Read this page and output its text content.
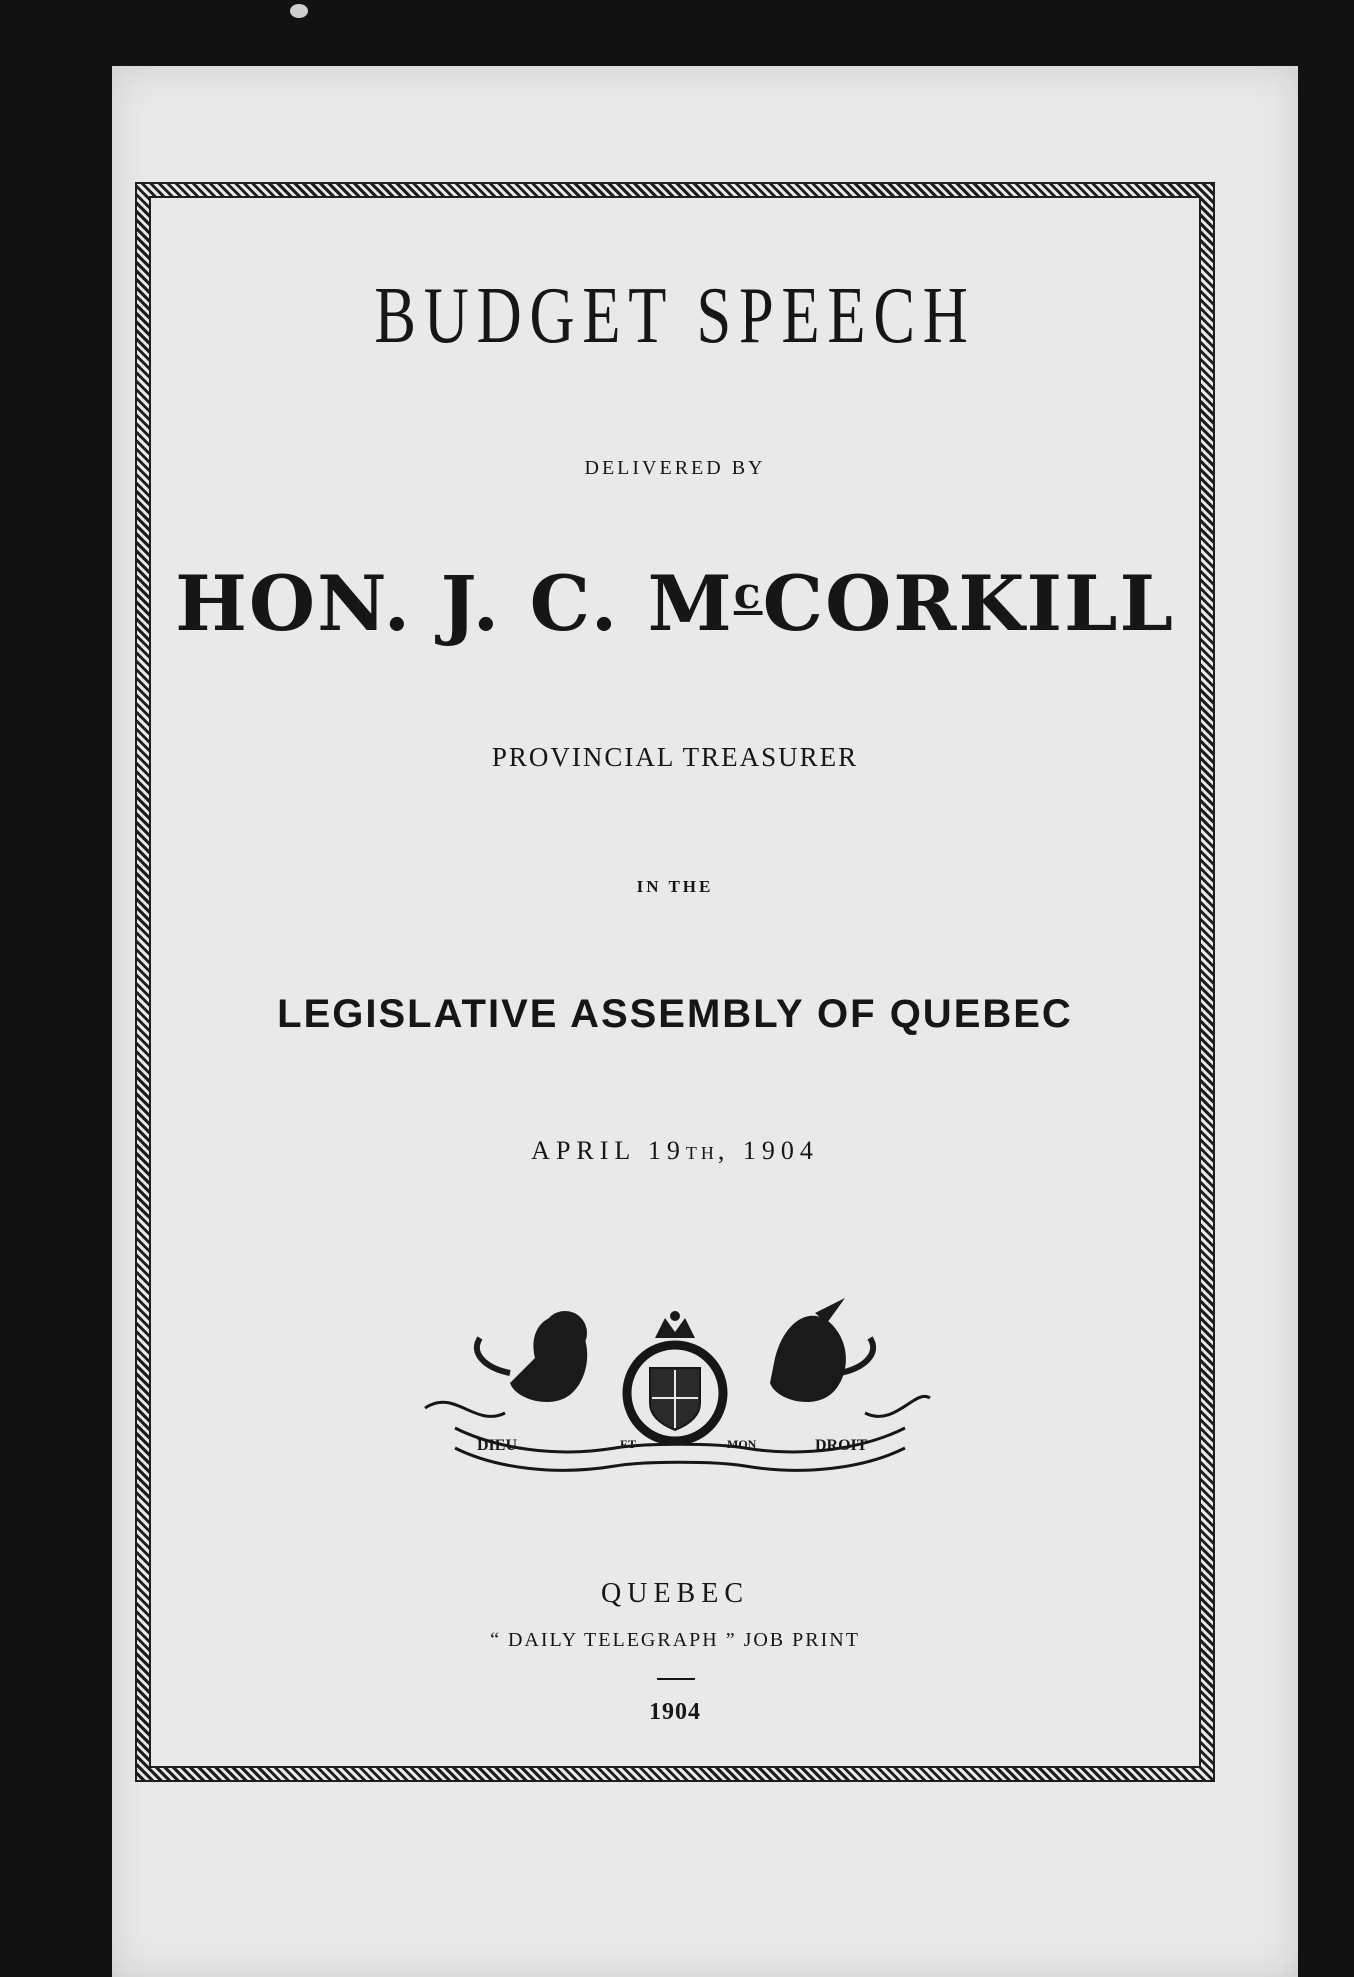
BUDGET SPEECH
DELIVERED BY
HON. J. C. $M^cCORKILL$
PROVINCIAL TREASURER
IN THE
LEGISLATIVE ASSEMBLY OF QUEBEC
APRIL 19TH, 1904
DIEU	ET	MON	DROIT
QUEBEC
“ DAILY TELEGRAPH ” JOB PRINT
1904
